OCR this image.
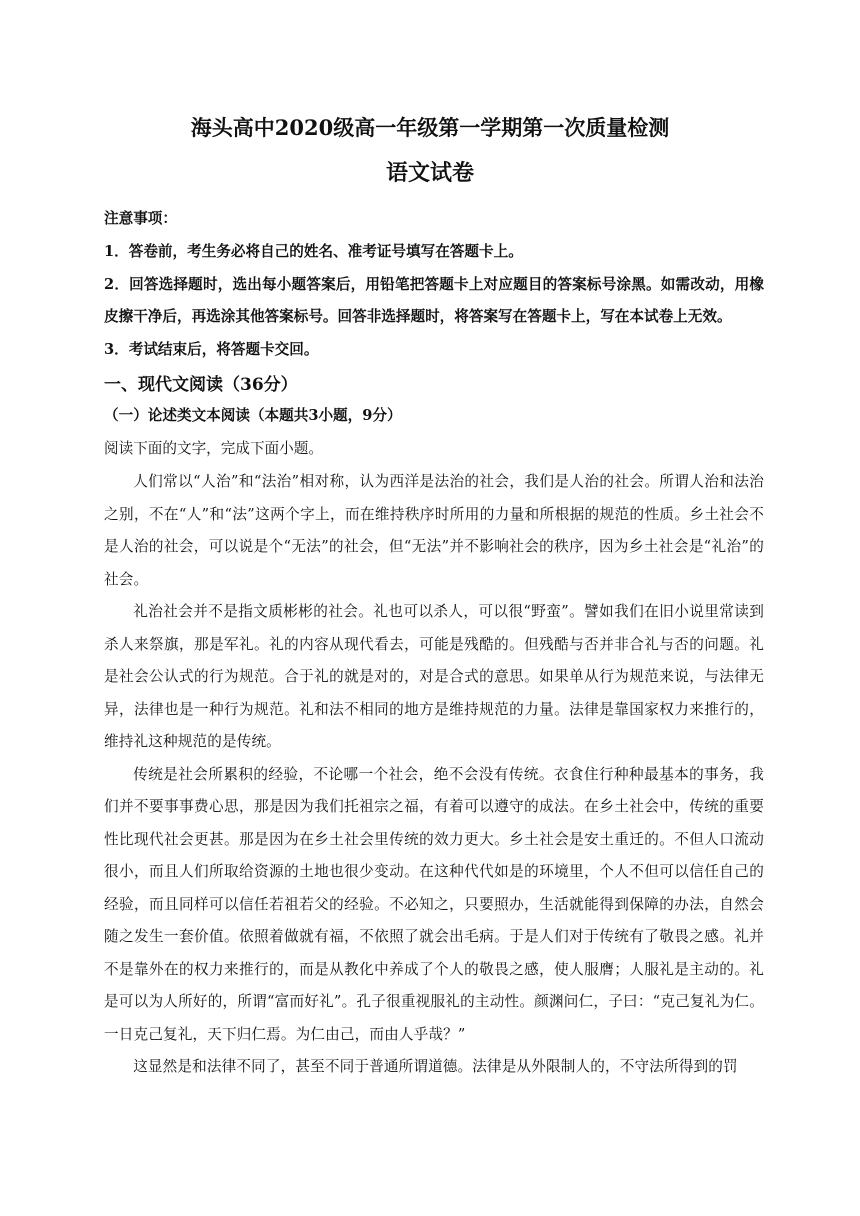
海头高中2020级高一年级第一学期第一次质量检测
语文试卷
注意事项：

1．答卷前，考生务必将自己的姓名、准考证号填写在答题卡上。

2．回答选择题时，选出每小题答案后，用铅笔把答题卡上对应题目的答案标号涂黑。如需改动，用橡皮擦干净后，再选涂其他答案标号。回答非选择题时，将答案写在答题卡上，写在本试卷上无效。

3．考试结束后，将答题卡交回。

一、现代文阅读（36分）
（一）论述类文本阅读（本题共3小题，9分）
阅读下面的文字，完成下面小题。

人们常以“人治”和“法治”相对称，认为西洋是法治的社会，我们是人治的社会。所谓人治和法治之别，不在“人”和“法”这两个字上，而在维持秩序时所用的力量和所根据的规范的性质。乡土社会不是人治的社会，可以说是个“无法”的社会，但“无法”并不影响社会的秩序，因为乡土社会是“礼治”的社会。

礼治社会并不是指文质彬彬的社会。礼也可以杀人，可以很“野蛮”。譬如我们在旧小说里常读到杀人来祭旗，那是军礼。礼的内容从现代看去，可能是残酷的。但残酷与否并非合礼与否的问题。礼是社会公认式的行为规范。合于礼的就是对的，对是合式的意思。如果单从行为规范来说，与法律无异，法律也是一种行为规范。礼和法不相同的地方是维持规范的力量。法律是靠国家权力来推行的，维持礼这种规范的是传统。

传统是社会所累积的经验，不论哪一个社会，绝不会没有传统。衣食住行种种最基本的事务，我们并不要事事费心思，那是因为我们托祖宗之福，有着可以遵守的成法。在乡土社会中，传统的重要性比现代社会更甚。那是因为在乡土社会里传统的效力更大。乡土社会是安土重迁的。不但人口流动很小，而且人们所取给资源的土地也很少变动。在这种代代如是的环境里，个人不但可以信任自己的经验，而且同样可以信任若祖若父的经验。不必知之，只要照办，生活就能得到保障的办法，自然会随之发生一套价值。依照着做就有福，不依照了就会出毛病。于是人们对于传统有了敬畏之感。礼并不是靠外在的权力来推行的，而是从教化中养成了个人的敬畏之感，使人服膺；人服礼是主动的。礼是可以为人所好的，所谓“富而好礼”。孔子很重视服礼的主动性。颜渊问仁，子曰：“克己复礼为仁。一日克己复礼，天下归仁焉。为仁由己，而由人乎哉？”

这显然是和法律不同了，甚至不同于普通所谓道德。法律是从外限制人的，不守法所得到的罚
